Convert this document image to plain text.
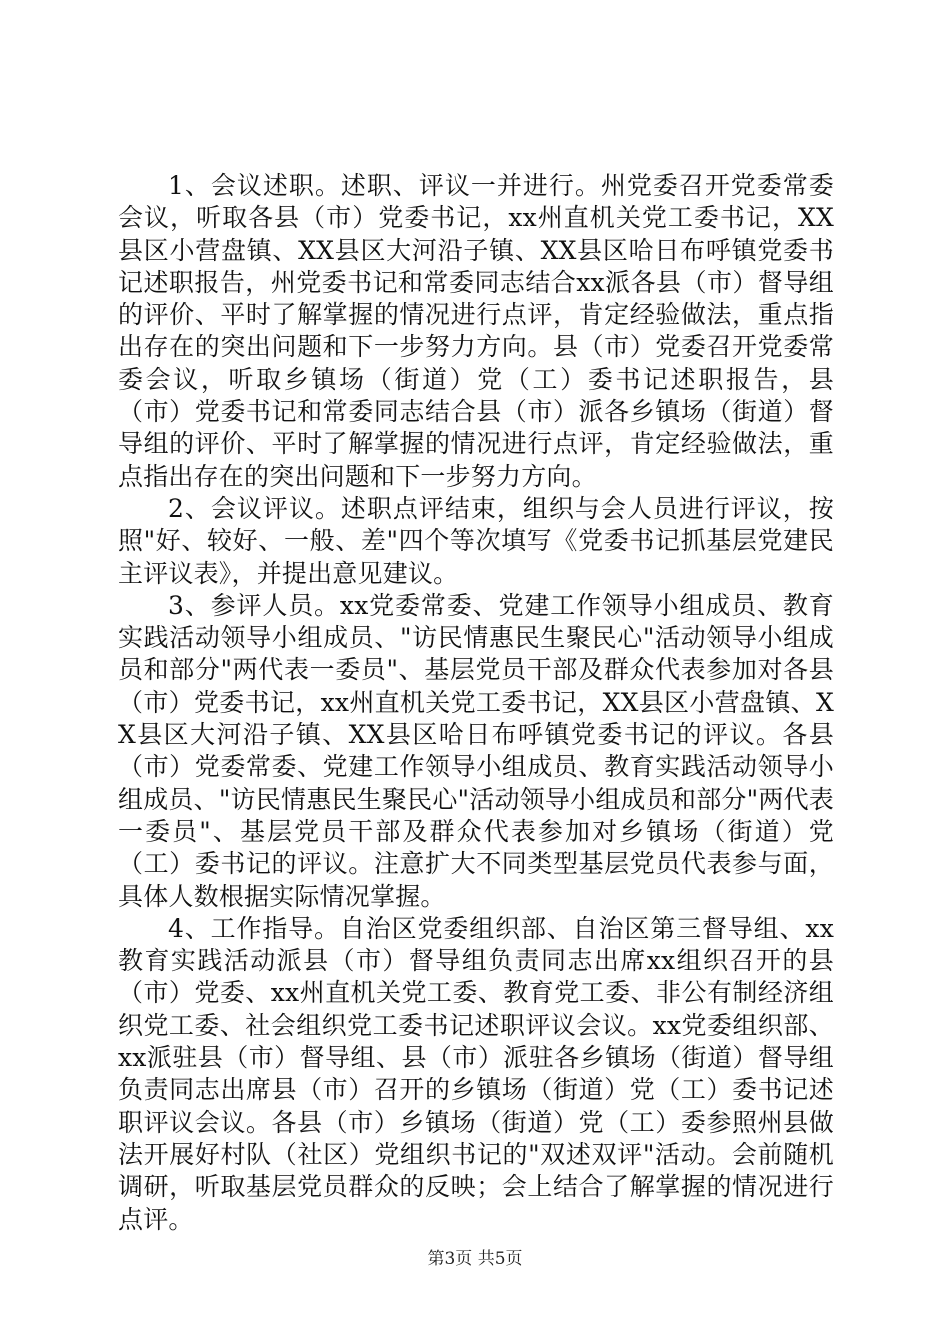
1、会议述职。述职、评议一并进行。州党委召开党委常委会议，听取各县（市）党委书记，xx州直机关党工委书记，XX县区小营盘镇、XX县区大河沿子镇、XX县区哈日布呼镇党委书记述职报告，州党委书记和常委同志结合xx派各县（市）督导组的评价、平时了解掌握的情况进行点评，肯定经验做法，重点指出存在的突出问题和下一步努力方向。县（市）党委召开党委常委会议，听取乡镇场（街道）党（工）委书记述职报告，县（市）党委书记和常委同志结合县（市）派各乡镇场（街道）督导组的评价、平时了解掌握的情况进行点评，肯定经验做法，重点指出存在的突出问题和下一步努力方向。

2、会议评议。述职点评结束，组织与会人员进行评议，按照"好、较好、一般、差"四个等次填写《党委书记抓基层党建民主评议表》，并提出意见建议。

3、参评人员。xx党委常委、党建工作领导小组成员、教育实践活动领导小组成员、"访民情惠民生聚民心"活动领导小组成员和部分"两代表一委员"、基层党员干部及群众代表参加对各县（市）党委书记，xx州直机关党工委书记，XX县区小营盘镇、XX县区大河沿子镇、XX县区哈日布呼镇党委书记的评议。各县（市）党委常委、党建工作领导小组成员、教育实践活动领导小组成员、"访民情惠民生聚民心"活动领导小组成员和部分"两代表一委员"、基层党员干部及群众代表参加对乡镇场（街道）党（工）委书记的评议。注意扩大不同类型基层党员代表参与面，具体人数根据实际情况掌握。

4、工作指导。自治区党委组织部、自治区第三督导组、xx教育实践活动派县（市）督导组负责同志出席xx组织召开的县（市）党委、xx州直机关党工委、教育党工委、非公有制经济组织党工委、社会组织党工委书记述职评议会议。xx党委组织部、xx派驻县（市）督导组、县（市）派驻各乡镇场（街道）督导组负责同志出席县（市）召开的乡镇场（街道）党（工）委书记述职评议会议。各县（市）乡镇场（街道）党（工）委参照州县做法开展好村队（社区）党组织书记的"双述双评"活动。会前随机调研，听取基层党员群众的反映；会上结合了解掌握的情况进行点评。

第3页 共5页
